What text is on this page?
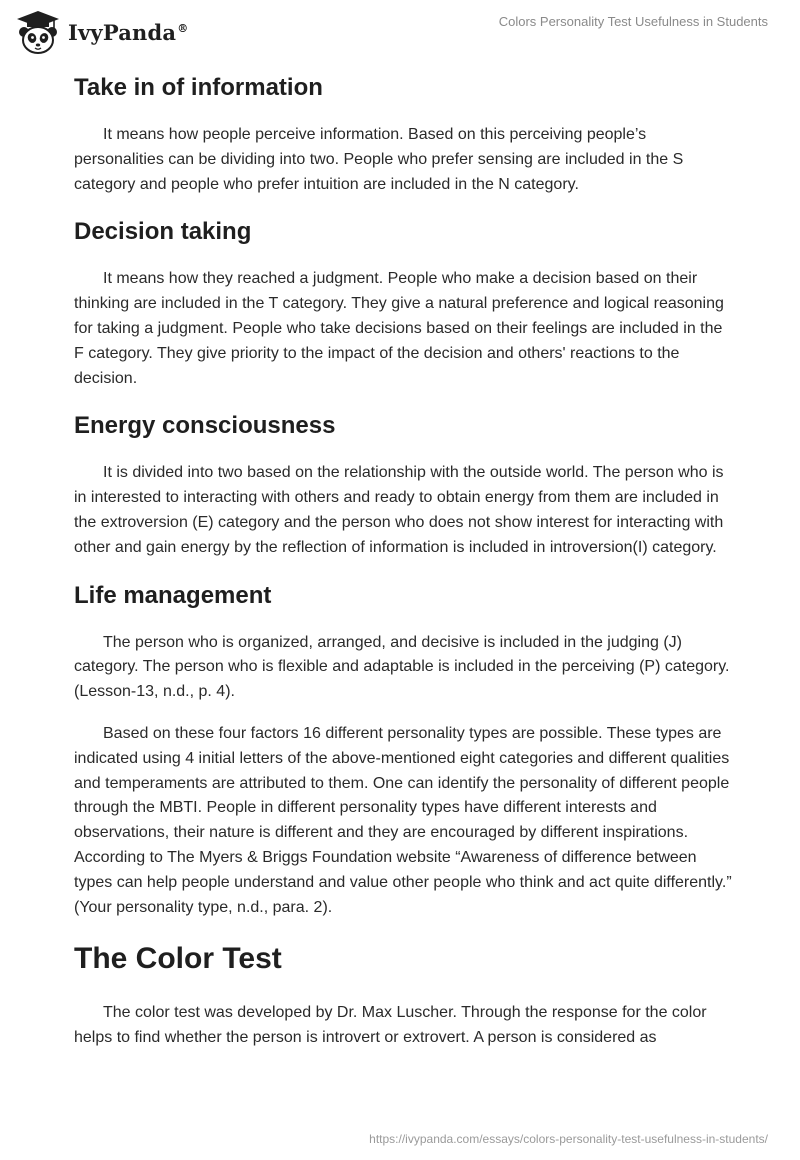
IvyPanda®	Colors Personality Test Usefulness in Students
Take in of information

It means how people perceive information. Based on this perceiving people’s personalities can be dividing into two. People who prefer sensing are included in the S category and people who prefer intuition are included in the N category.

Decision taking

It means how they reached a judgment. People who make a decision based on their thinking are included in the T category. They give a natural preference and logical reasoning for taking a judgment. People who take decisions based on their feelings are included in the F category. They give priority to the impact of the decision and others' reactions to the decision.

Energy consciousness

It is divided into two based on the relationship with the outside world. The person who is in interested to interacting with others and ready to obtain energy from them are included in the extroversion (E) category and the person who does not show interest for interacting with other and gain energy by the reflection of information is included in introversion(I) category.

Life management

The person who is organized, arranged, and decisive is included in the judging (J) category. The person who is flexible and adaptable is included in the perceiving (P) category. (Lesson-13, n.d., p. 4).

Based on these four factors 16 different personality types are possible. These types are indicated using 4 initial letters of the above-mentioned eight categories and different qualities and temperaments are attributed to them. One can identify the personality of different people through the MBTI. People in different personality types have different interests and observations, their nature is different and they are encouraged by different inspirations. According to The Myers & Briggs Foundation website “Awareness of difference between types can help people understand and value other people who think and act quite differently.” (Your personality type, n.d., para. 2).

The Color Test

The color test was developed by Dr. Max Luscher. Through the response for the color helps to find whether the person is introvert or extrovert. A person is considered as

https://ivypanda.com/essays/colors-personality-test-usefulness-in-students/
